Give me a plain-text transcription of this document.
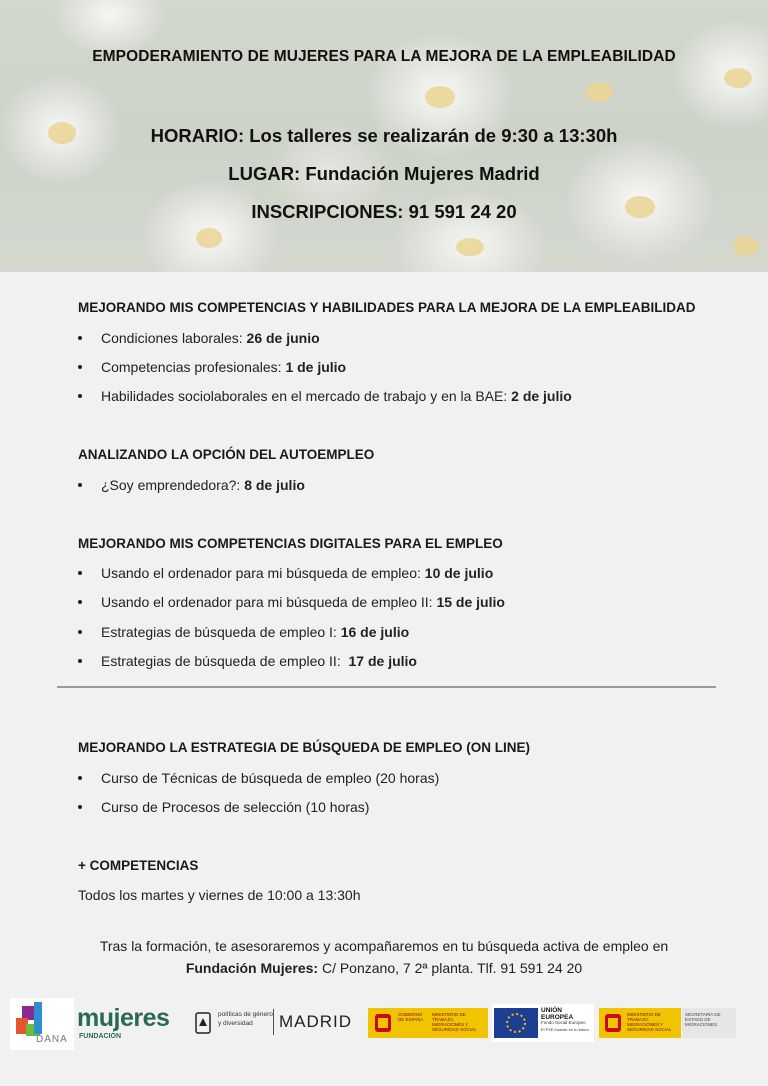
EMPODERAMIENTO DE MUJERES PARA LA MEJORA DE LA EMPLEABILIDAD
HORARIO: Los talleres se realizarán de 9:30 a 13:30h
LUGAR: Fundación Mujeres Madrid
INSCRIPCIONES: 91 591 24 20
MEJORANDO MIS COMPETENCIAS Y HABILIDADES PARA LA MEJORA DE LA EMPLEABILIDAD
Condiciones laborales: 26 de junio
Competencias profesionales: 1 de julio
Habilidades sociolaborales en el mercado de trabajo y en la BAE: 2 de julio
ANALIZANDO LA OPCIÓN DEL AUTOEMPLEO
¿Soy emprendedora?: 8 de julio
MEJORANDO MIS COMPETENCIAS DIGITALES PARA EL EMPLEO
Usando el ordenador para mi búsqueda de empleo: 10 de julio
Usando el ordenador para mi búsqueda de empleo II: 15 de julio
Estrategias de búsqueda de empleo I: 16 de julio
Estrategias de búsqueda de empleo II:  17 de julio
MEJORANDO LA ESTRATEGIA DE BÚSQUEDA DE EMPLEO (ON LINE)
Curso de Técnicas de búsqueda de empleo (20 horas)
Curso de Procesos de selección (10 horas)
+ COMPETENCIAS
Todos los martes y viernes de 10:00 a 13:30h
Tras la formación, te asesoraremos y acompañaremos en tu búsqueda activa de empleo en
Fundación Mujeres: C/ Ponzano, 7 2ª planta. Tlf. 91 591 24 20
DANA
mujeres
FUNDACIÓN
políticas de género
y diversidad MADRID	GOBIERNO DE ESPAÑA
MINISTERIO DE TRABAJO, MIGRACIONES Y SEGURIDAD SOCIAL
UNIÓN EUROPEA
Fondo Social Europeo
El FSE invierte en tu futuro
MINISTERIO DE TRABAJO, MIGRACIONES Y SEGURIDAD SOCIAL
SECRETARÍA DE ESTADO DE MIGRACIONES
